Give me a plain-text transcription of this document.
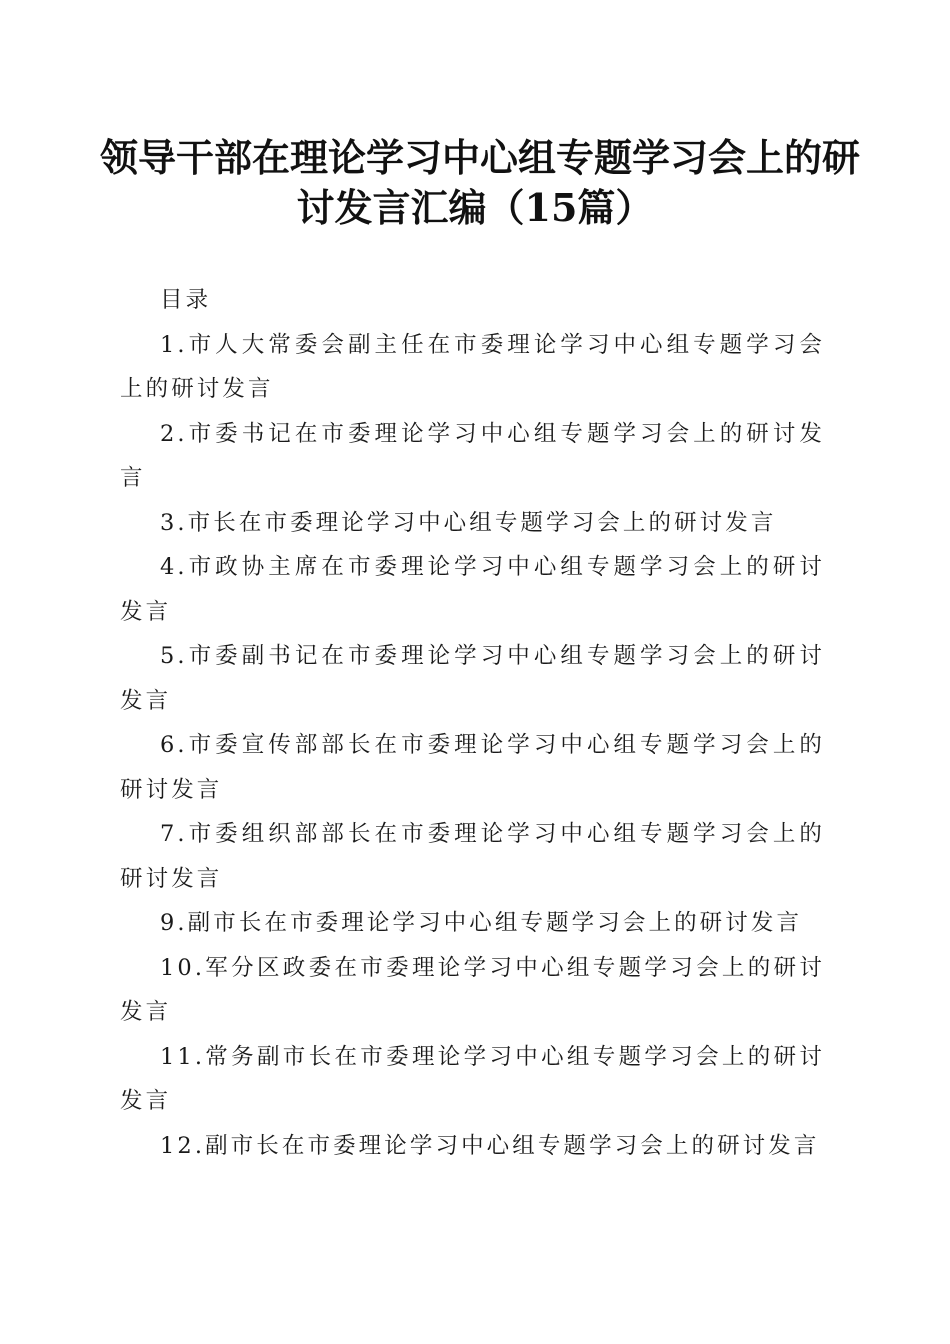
领导干部在理论学习中心组专题学习会上的研
讨发言汇编（15篇）
目录
1.市人大常委会副主任在市委理论学习中心组专题学习会上的研讨发言
2.市委书记在市委理论学习中心组专题学习会上的研讨发言
3.市长在市委理论学习中心组专题学习会上的研讨发言
4.市政协主席在市委理论学习中心组专题学习会上的研讨发言
5.市委副书记在市委理论学习中心组专题学习会上的研讨发言
6.市委宣传部部长在市委理论学习中心组专题学习会上的研讨发言
7.市委组织部部长在市委理论学习中心组专题学习会上的研讨发言
9.副市长在市委理论学习中心组专题学习会上的研讨发言
10.军分区政委在市委理论学习中心组专题学习会上的研讨发言
11.常务副市长在市委理论学习中心组专题学习会上的研讨发言
12.副市长在市委理论学习中心组专题学习会上的研讨发言
